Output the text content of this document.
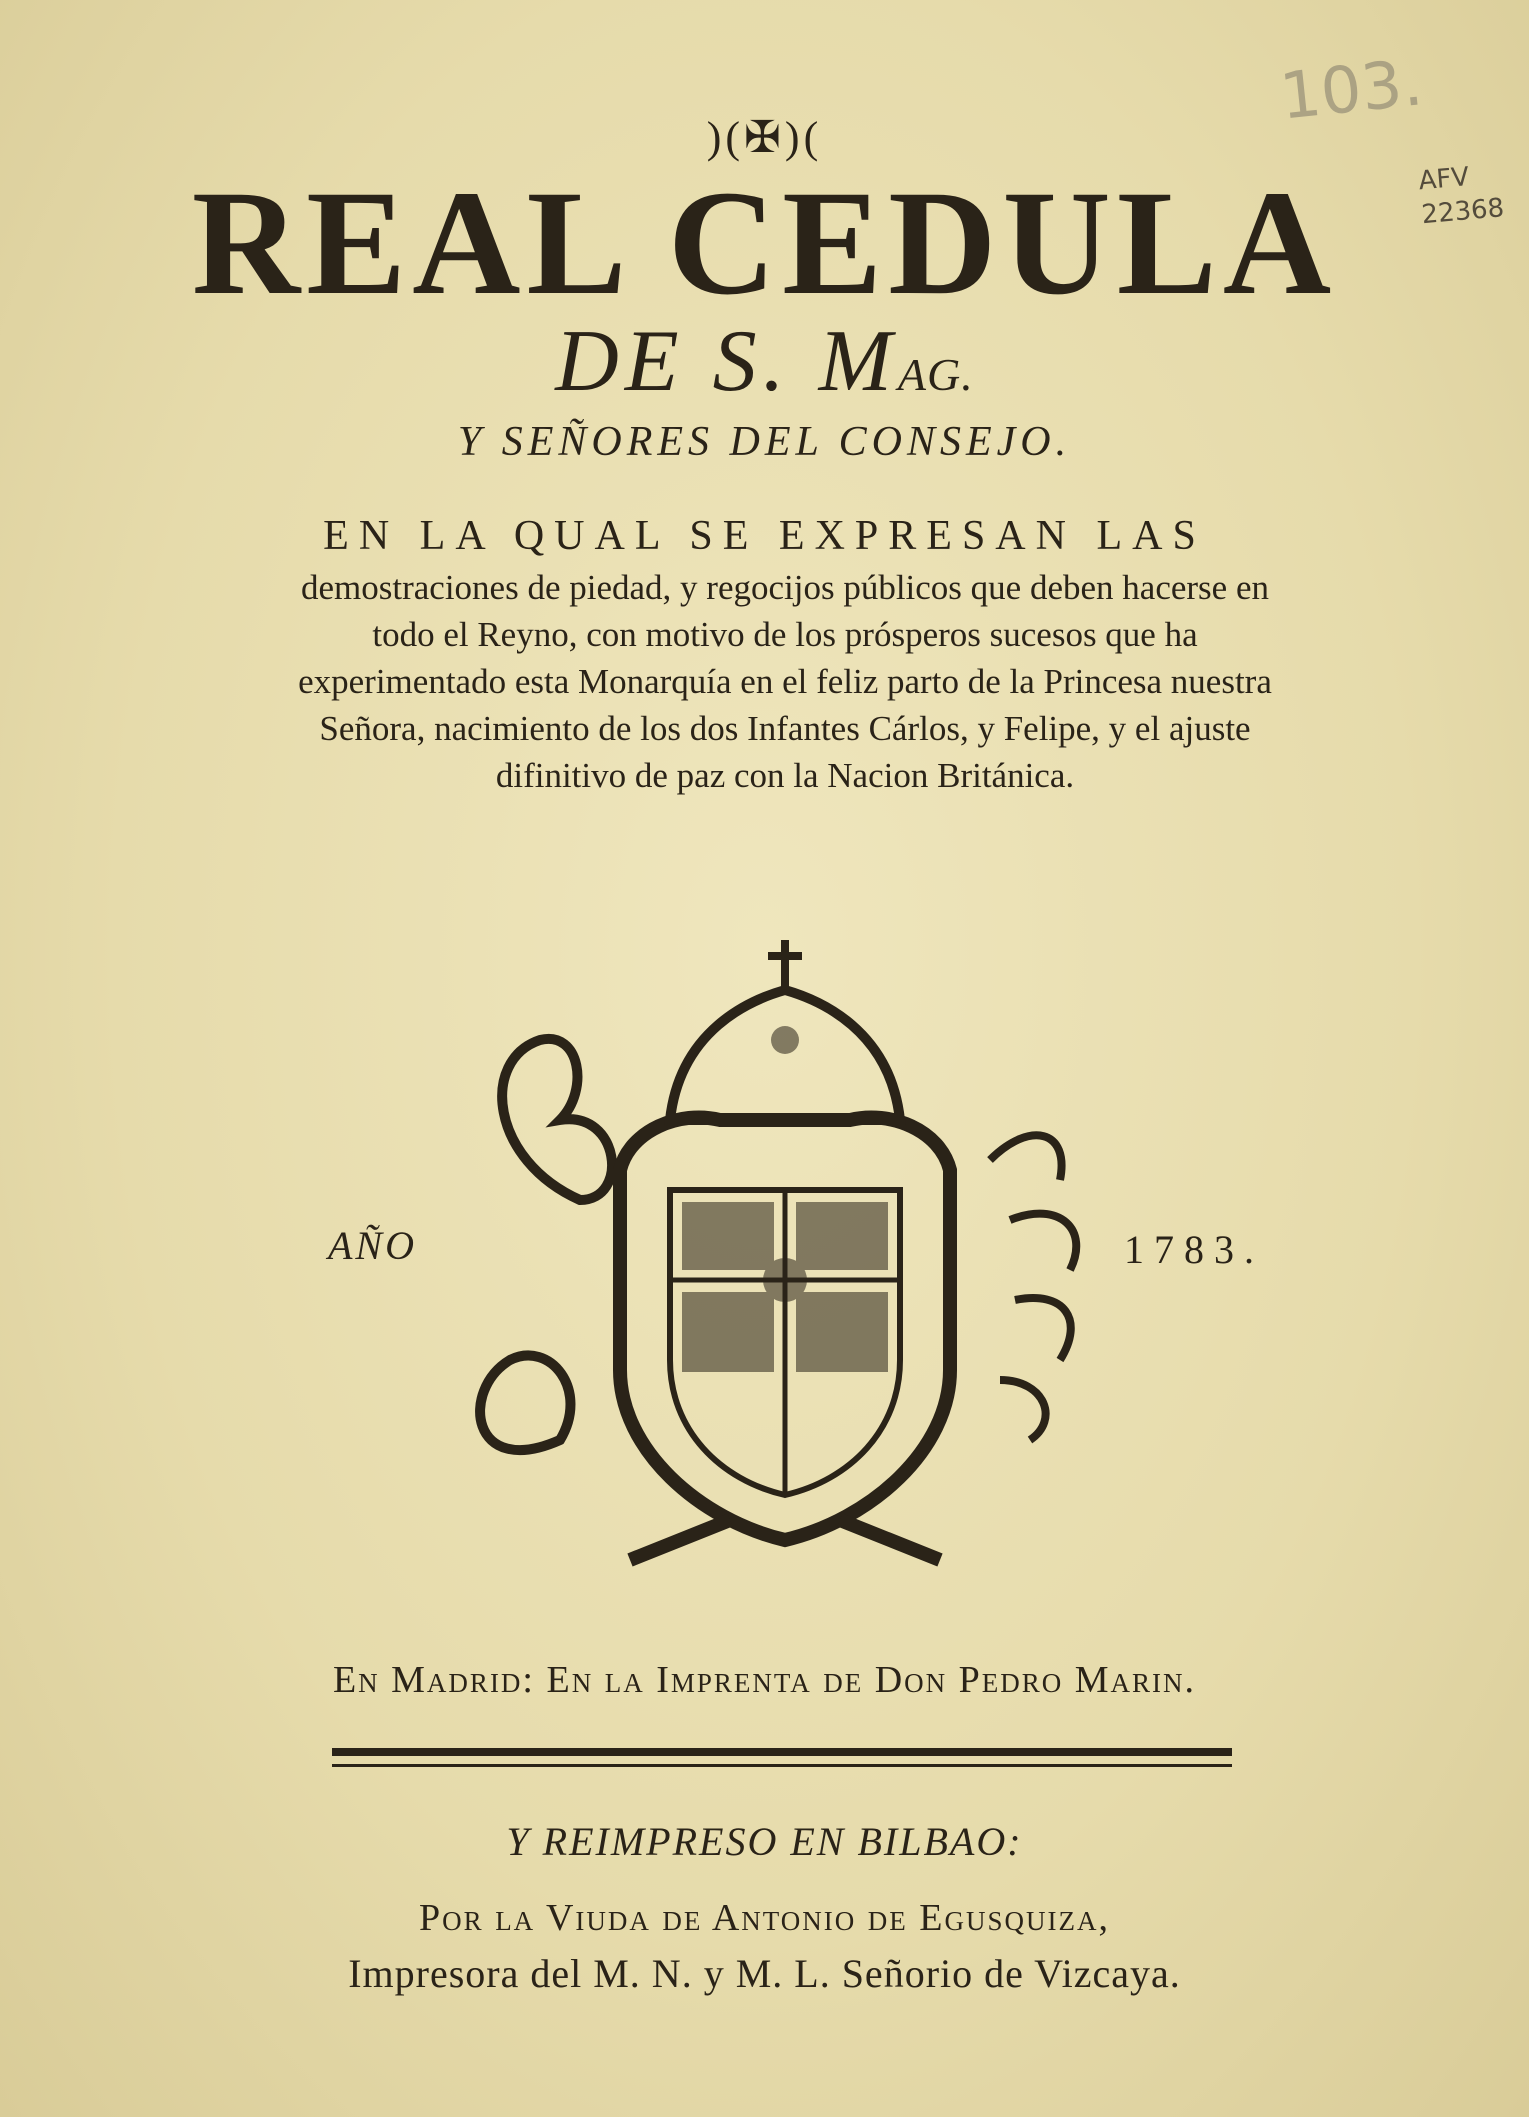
103.
AFV
22368
)(✠)(
REAL CEDULA
DE S. MAG.
Y SEÑORES DEL CONSEJO.
EN LA QUAL SE EXPRESAN LAS
demostraciones de piedad, y regocijos públicos que deben hacerse en todo el Reyno, con motivo de los prósperos sucesos que ha experimentado esta Monarquía en el feliz parto de la Princesa nuestra Señora, nacimiento de los dos Infantes Cárlos, y Felipe, y el ajuste difinitivo de paz con la Nacion Británica.
AÑO	1783.
En Madrid: En la Imprenta de Don Pedro Marin.
Y REIMPRESO EN BILBAO:
Por la Viuda de Antonio de Egusquiza,
Impresora del M. N. y M. L. Señorio de Vizcaya.
